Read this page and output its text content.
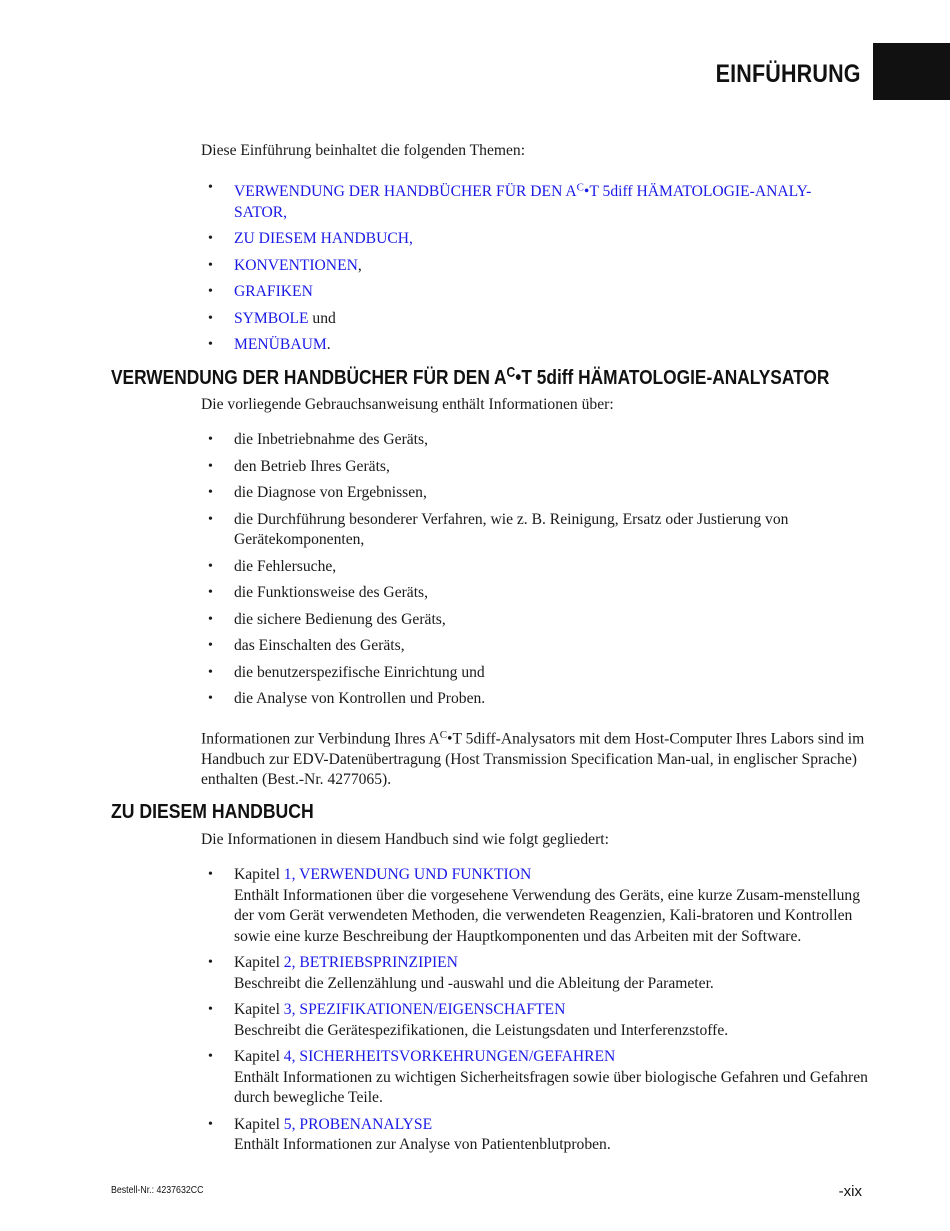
EINFÜHRUNG
Diese Einführung beinhaltet die folgenden Themen:
• VERWENDUNG DER HANDBÜCHER FÜR DEN $A^C•T$ 5diff HÄMATOLOGIE-ANALY-
SATOR,
• ZU DIESEM HANDBUCH,
• KONVENTIONEN,
• GRAFIKEN
• SYMBOLE und
• MENÜBAUM.
VERWENDUNG DER HANDBÜCHER FÜR DEN $A^C•T$ 5diff HÄMATOLOGIE-ANALYSATOR
Die vorliegende Gebrauchsanweisung enthält Informationen über:
• die Inbetriebnahme des Geräts,
• den Betrieb Ihres Geräts,
• die Diagnose von Ergebnissen,
• die Durchführung besonderer Verfahren, wie z. B. Reinigung, Ersatz oder Justierung von Gerätekomponenten,
• die Fehlersuche,
• die Funktionsweise des Geräts,
• die sichere Bedienung des Geräts,
• das Einschalten des Geräts,
• die benutzerspezifische Einrichtung und
• die Analyse von Kontrollen und Proben.
Informationen zur Verbindung Ihres $A^C•T$ 5diff-Analysators mit dem Host-Computer Ihres Labors sind im Handbuch zur EDV-Datenübertragung (Host Transmission Specification Man-ual, in englischer Sprache) enthalten (Best.-Nr. 4277065).
ZU DIESEM HANDBUCH
Die Informationen in diesem Handbuch sind wie folgt gegliedert:
• Kapitel 1, VERWENDUNG UND FUNKTION
Enthält Informationen über die vorgesehene Verwendung des Geräts, eine kurze Zusam-menstellung der vom Gerät verwendeten Methoden, die verwendeten Reagenzien, Kali-bratoren und Kontrollen sowie eine kurze Beschreibung der Hauptkomponenten und das Arbeiten mit der Software.
• Kapitel 2, BETRIEBSPRINZIPIEN
Beschreibt die Zellenzählung und -auswahl und die Ableitung der Parameter.
• Kapitel 3, SPEZIFIKATIONEN/EIGENSCHAFTEN
Beschreibt die Gerätespezifikationen, die Leistungsdaten und Interferenzstoffe.
• Kapitel 4, SICHERHEITSVORKEHRUNGEN/GEFAHREN
Enthält Informationen zu wichtigen Sicherheitsfragen sowie über biologische Gefahren und Gefahren durch bewegliche Teile.
• Kapitel 5, PROBENANALYSE
Enthält Informationen zur Analyse von Patientenblutproben.
Bestell-Nr.: 4237632CC	-xix
